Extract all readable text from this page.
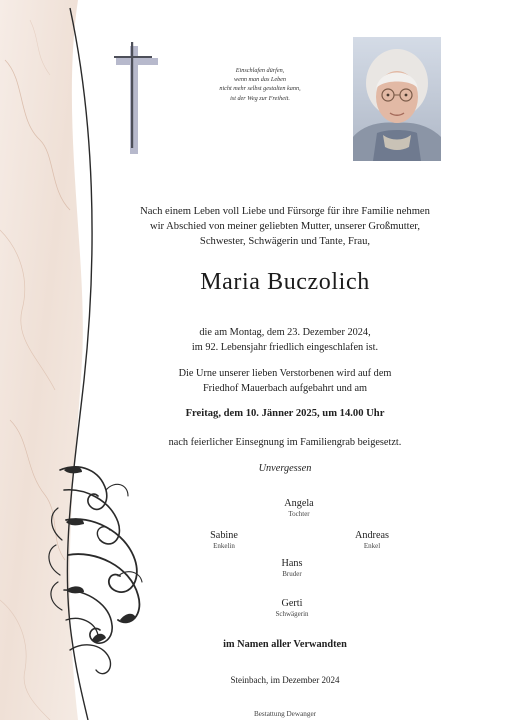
Einschlafen dürfen,
wenn man das Leben
nicht mehr selbst gestalten kann,
ist der Weg zur Freiheit.
Nach einem Leben voll Liebe und Fürsorge für ihre Familie nehmen
wir Abschied von meiner geliebten Mutter, unserer Großmutter,
Schwester, Schwägerin und Tante, Frau,
Maria Buczolich
die am Montag, dem 23. Dezember 2024,
im 92. Lebensjahr friedlich eingeschlafen ist.
Die Urne unserer lieben Verstorbenen wird auf dem
Friedhof Mauerbach aufgebahrt und am
Freitag, dem 10. Jänner 2025, um 14.00 Uhr
nach feierlicher Einsegnung im Familiengrab beigesetzt.
Unvergessen
Angela
Tochter
Sabine
Enkelin
Andreas
Enkel
Hans
Bruder
Gerti
Schwägerin
im Namen aller Verwandten
Steinbach, im Dezember 2024
Bestattung Dewanger
